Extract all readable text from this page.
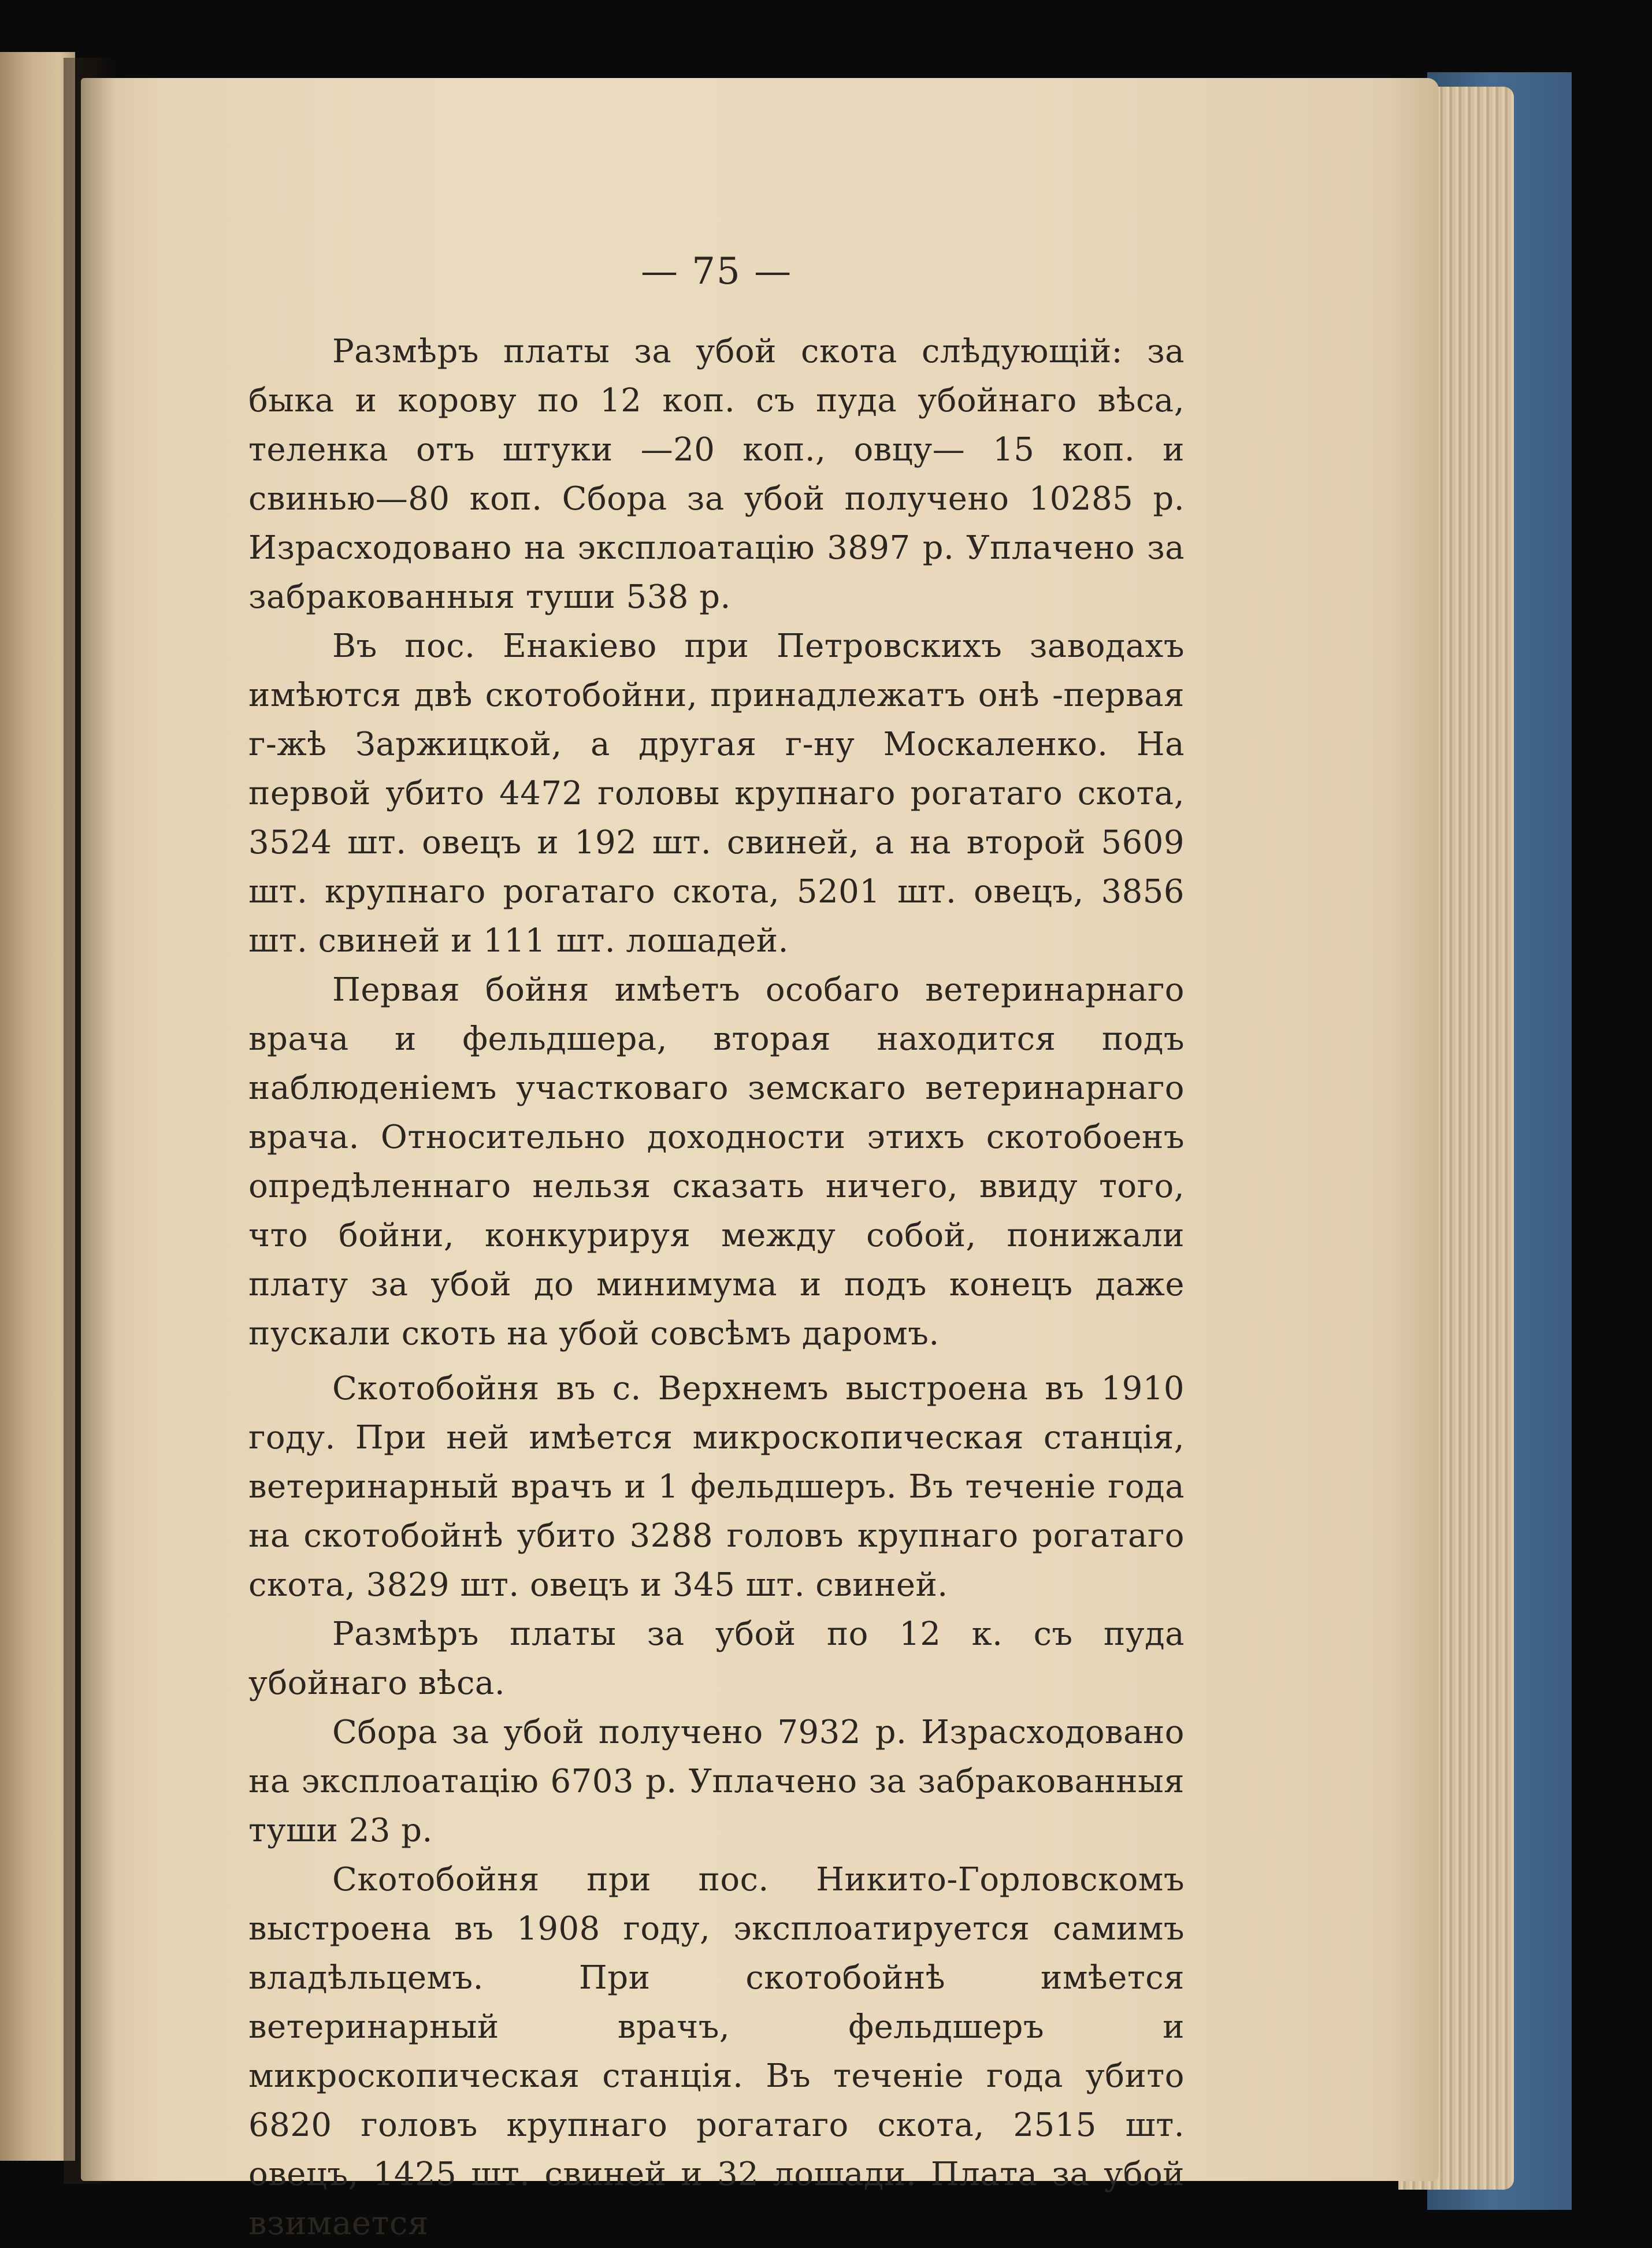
— 75 —

Размѣръ платы за убой скота слѣдующій: за быка и корову по 12 коп. съ пуда убойнаго вѣса, теленка отъ штуки —20 коп., овцу— 15 коп. и свинью—80 коп. Сбора за убой получено 10285 р. Израсходовано на эксплоатацію 3897 р. Уплачено за забракованныя туши 538 р.

Въ пос. Енакіево при Петровскихъ заводахъ имѣются двѣ скотобойни, принадлежатъ онѣ -первая г-жѣ Заржицкой, а другая г-ну Москаленко. На первой убито 4472 головы крупнаго рогатаго скота, 3524 шт. овецъ и 192 шт. свиней, а на второй 5609 шт. крупнаго рогатаго скота, 5201 шт. овецъ, 3856 шт. свиней и 111 шт. лошадей.

Первая бойня имѣетъ особаго ветеринарнаго врача и фельдшера, вторая находится подъ наблюденіемъ участковаго земскаго ветеринарнаго врача. Относительно доходности этихъ скотобоенъ опредѣленнаго нельзя сказать ничего, ввиду того, что бойни, конкурируя между собой, понижали плату за убой до минимума и подъ конецъ даже пускали скоть на убой совсѣмъ даромъ.

Скотобойня въ с. Верхнемъ выстроена въ 1910 году. При ней имѣется микроскопическая станція, ветеринарный врачъ и 1 фельдшеръ. Въ теченіе года на скотобойнѣ убито 3288 головъ крупнаго рогатаго скота, 3829 шт. овецъ и 345 шт. свиней.

Размѣръ платы за убой по 12 к. съ пуда убойнаго вѣса.

Сбора за убой получено 7932 р. Израсходовано на эксплоатацію 6703 р. Уплачено за забракованныя туши 23 р.

Скотобойня при пос. Никито-Горловскомъ выстроена въ 1908 году, эксплоатируется самимъ владѣльцемъ. При скотобойнѣ имѣется ветеринарный врачъ, фельдшеръ и микроскопическая станція. Въ теченіе года убито 6820 головъ крупнаго рогатаго скота, 2515 шт. овецъ, 1425 шт. свиней и 32 лошади. Плата за убой взимается
